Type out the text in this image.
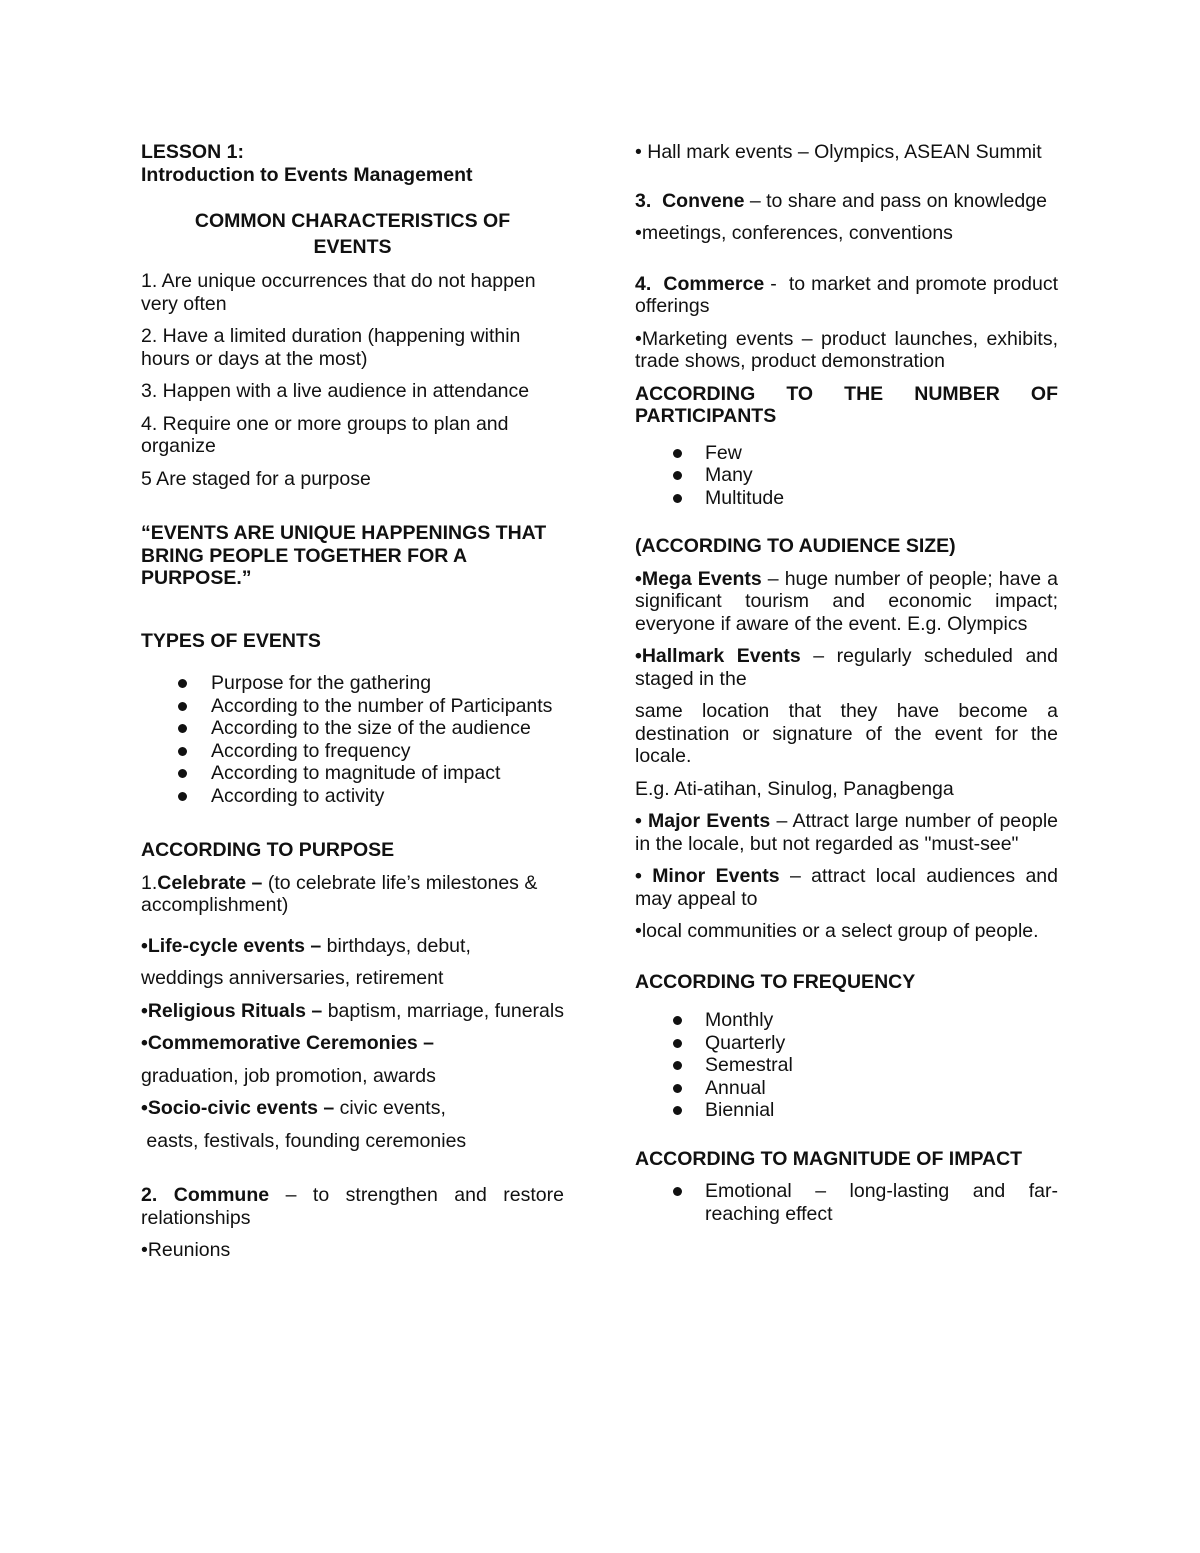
LESSON 1:
Introduction to Events Management
COMMON CHARACTERISTICS OF
EVENTS
1. Are unique occurrences that do not happen very often
2. Have a limited duration (happening within hours or days at the most)
3. Happen with a live audience in attendance
4. Require one or more groups to plan and organize
5 Are staged for a purpose
“EVENTS ARE UNIQUE HAPPENINGS THAT BRING PEOPLE TOGETHER FOR A PURPOSE.”
TYPES OF EVENTS
Purpose for the gathering
According to the number of Participants
According to the size of the audience
According to frequency
According to magnitude of impact
According to activity
ACCORDING TO PURPOSE
1.Celebrate – (to celebrate life’s milestones & accomplishment)
•Life-cycle events – birthdays, debut,
weddings anniversaries, retirement
•Religious Rituals – baptism, marriage, funerals
•Commemorative Ceremonies –
graduation, job promotion, awards
•Socio-civic events – civic events,
easts, festivals, founding ceremonies
2. Commune – to strengthen and restore relationships
•Reunions
• Hall mark events – Olympics, ASEAN Summit
3.  Convene – to share and pass on knowledge
•meetings, conferences, conventions
4.  Commerce -  to market and promote product offerings
•Marketing events – product launches, exhibits, trade shows, product demonstration
ACCORDING TO THE NUMBER OF PARTICIPANTS
Few
Many
Multitude
(ACCORDING TO AUDIENCE SIZE)
•Mega Events – huge number of people; have a significant tourism and economic impact; everyone if aware of the event. E.g. Olympics
•Hallmark Events – regularly scheduled and staged in the
same location that they have become a destination or signature of the event for the locale.
E.g. Ati-atihan, Sinulog, Panagbenga
• Major Events – Attract large number of people in the locale, but not regarded as "must-see"
• Minor Events – attract local audiences and may appeal to
•local communities or a select group of people.
ACCORDING TO FREQUENCY
Monthly
Quarterly
Semestral
Annual
Biennial
ACCORDING TO MAGNITUDE OF IMPACT
Emotional – long-lasting and far-reaching effect
